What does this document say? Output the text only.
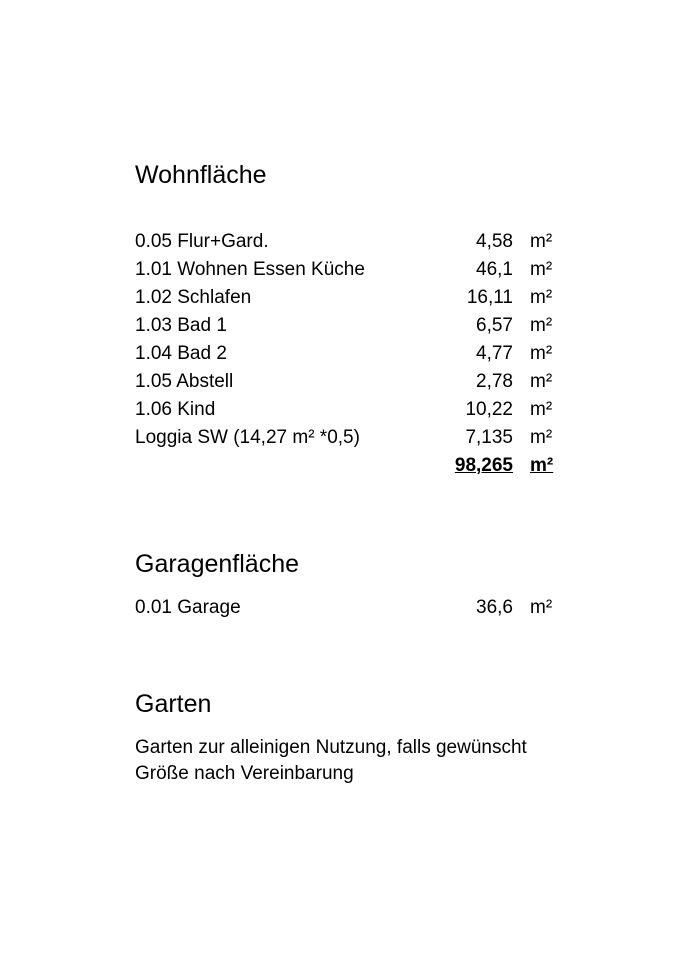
Wohnfläche
0.05 Flur+Gard.	4,58 m²
1.01 Wohnen Essen Küche	46,1 m²
1.02 Schlafen	16,11 m²
1.03 Bad 1	6,57 m²
1.04 Bad 2	4,77 m²
1.05 Abstell	2,78 m²
1.06 Kind	10,22 m²
Loggia SW (14,27 m² *0,5)	7,135 m²
98,265 m²
Garagenfläche
0.01 Garage	36,6 m²
Garten
Garten zur alleinigen Nutzung, falls gewünscht
Größe nach Vereinbarung
